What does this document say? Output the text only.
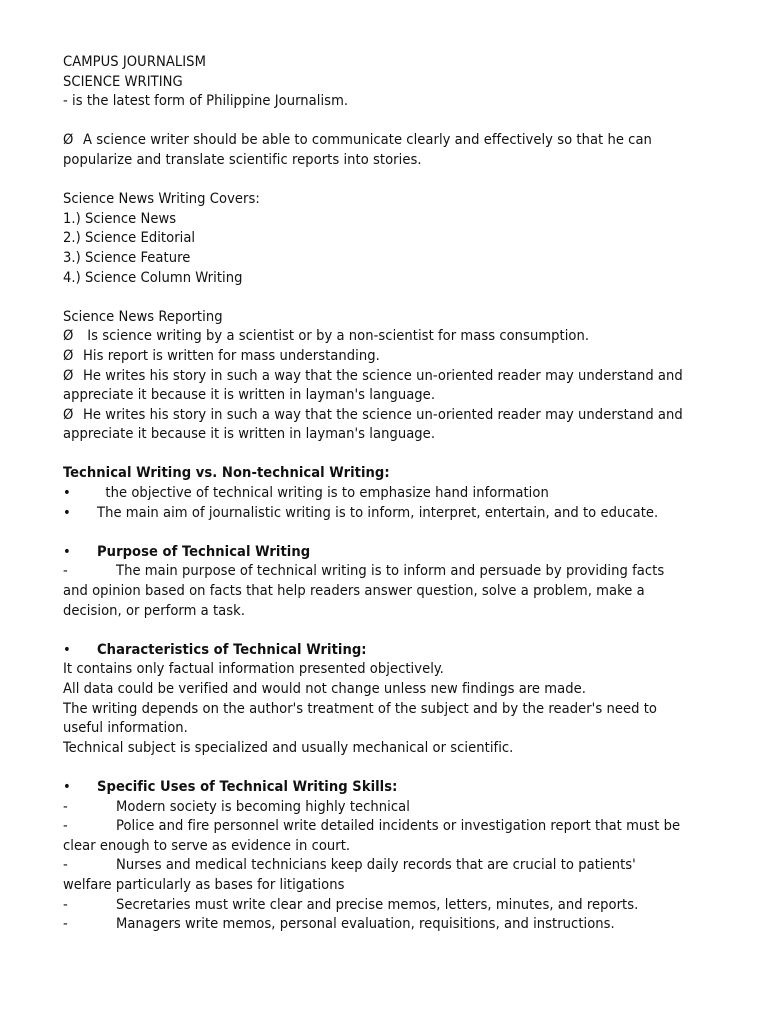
CAMPUS JOURNALISM
SCIENCE WRITING
- is the latest form of Philippine Journalism.
Ø A science writer should be able to communicate clearly and effectively so that he can
popularize and translate scientific reports into stories.
Science News Writing Covers:
1.) Science News
2.) Science Editorial
3.) Science Feature
4.) Science Column Writing
Science News Reporting
Ø Is science writing by a scientist or by a non-scientist for mass consumption.
Ø His report is written for mass understanding.
Ø He writes his story in such a way that the science un-oriented reader may understand and
appreciate it because it is written in layman's language.
Ø He writes his story in such a way that the science un-oriented reader may understand and
appreciate it because it is written in layman's language.
Technical Writing vs. Non-technical Writing:
•  the objective of technical writing is to emphasize hand information
• The main aim of journalistic writing is to inform, interpret, entertain, and to educate.
• Purpose of Technical Writing
-	The main purpose of technical writing is to inform and persuade by providing facts
and opinion based on facts that help readers answer question, solve a problem, make a
decision, or perform a task.
• Characteristics of Technical Writing:
It contains only factual information presented objectively.
All data could be verified and would not change unless new findings are made.
The writing depends on the author's treatment of the subject and by the reader's need to
useful information.
Technical subject is specialized and usually mechanical or scientific.
• Specific Uses of Technical Writing Skills:
-	Modern society is becoming highly technical
-	Police and fire personnel write detailed incidents or investigation report that must be
clear enough to serve as evidence in court.
-	Nurses and medical technicians keep daily records that are crucial to patients'
welfare particularly as bases for litigations
-	Secretaries must write clear and precise memos, letters, minutes, and reports.
-	Managers write memos, personal evaluation, requisitions, and instructions.
